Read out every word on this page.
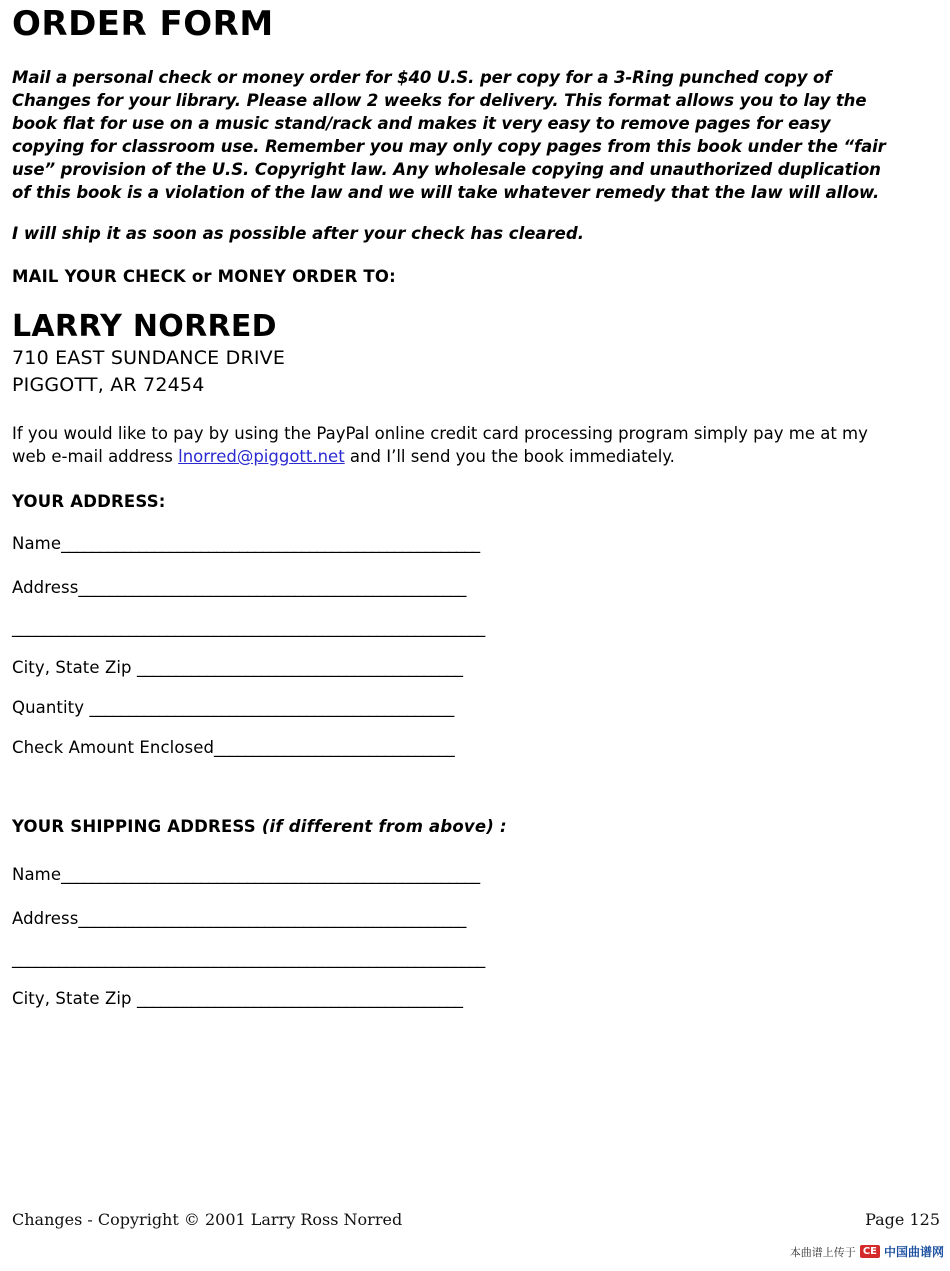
ORDER FORM

Mail a personal check or money order for $40 U.S. per copy for a 3-Ring punched copy of Changes for your library. Please allow 2 weeks for delivery. This format allows you to lay the book flat for use on a music stand/rack and makes it very easy to remove pages for easy copying for classroom use. Remember you may only copy pages from this book under the “fair use” provision of the U.S. Copyright law. Any wholesale copying and unauthorized duplication of this book is a violation of the law and we will take whatever remedy that the law will allow.

I will ship it as soon as possible after your check has cleared.

MAIL YOUR CHECK or MONEY ORDER TO:

LARRY NORRED
710 EAST SUNDANCE DRIVE
PIGGOTT, AR 72454

If you would like to pay by using the PayPal online credit card processing program simply pay me at my web e-mail address lnorred@piggott.net and I’ll send you the book immediately.

YOUR ADDRESS:

Name______________________________________________________
Address__________________________________________________
_____________________________________________________________
City, State Zip __________________________________________
Quantity _______________________________________________
Check Amount Enclosed_______________________________

YOUR SHIPPING ADDRESS (if different from above) :

Name______________________________________________________
Address__________________________________________________
_____________________________________________________________
City, State Zip __________________________________________
Changes - Copyright © 2001 Larry Ross Norred	Page 125
本曲谱上传于 CE 中国曲谱网
